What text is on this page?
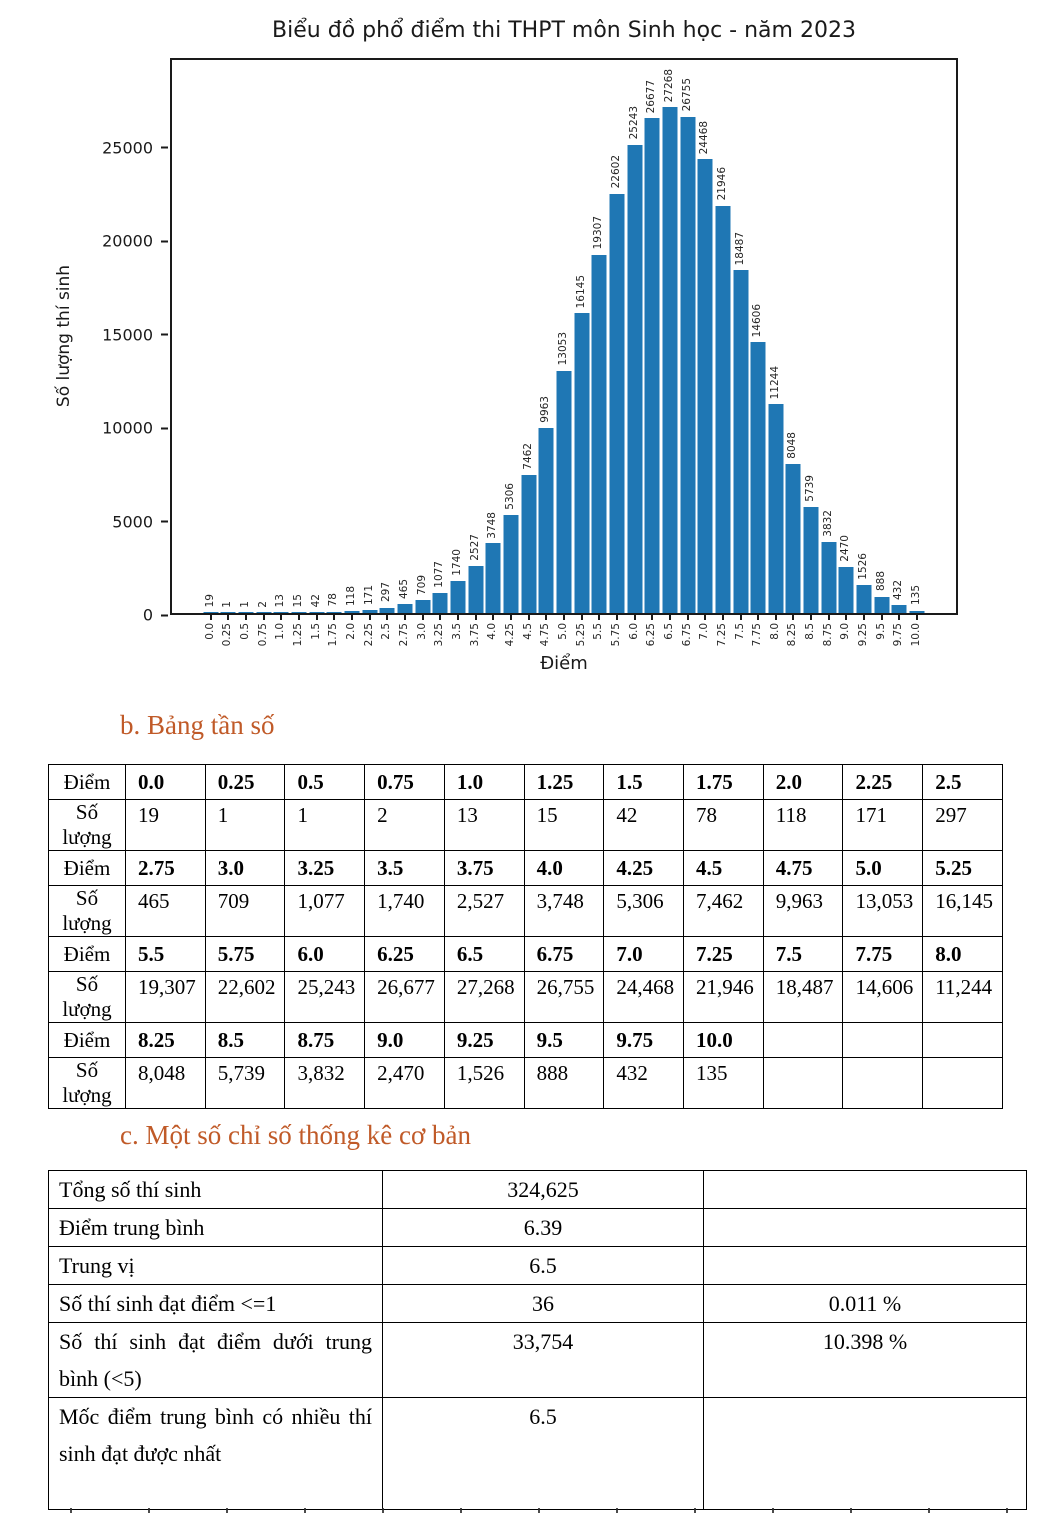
Biểu đồ phổ điểm thi THPT môn Sinh học - năm 2023
Số lượng thí sinh
0
5000
10000
15000
20000
25000
19
0.0
1
0.25
1
0.5
2
0.75
13
1.0
15
1.25
42
1.5
78
1.75
118
2.0
171
2.25
297
2.5
465
2.75
709
3.0
1077
3.25
1740
3.5
2527
3.75
3748
4.0
5306
4.25
7462
4.5
9963
4.75
13053
5.0
16145
5.25
19307
5.5
22602
5.75
25243
6.0
26677
6.25
27268
6.5
26755
6.75
24468
7.0
21946
7.25
18487
7.5
14606
7.75
11244
8.0
8048
8.25
5739
8.5
3832
8.75
2470
9.0
1526
9.25
888
9.5
432
9.75
135
10.0
Điểm
b. Bảng tần số
Điểm	0.0	0.25	0.5	0.75	1.0	1.25	1.5	1.75	2.0	2.25	2.5
Số lượng	19	1	1	2	13	15	42	78	118	171	297
Điểm	2.75	3.0	3.25	3.5	3.75	4.0	4.25	4.5	4.75	5.0	5.25
Số lượng	465	709	1,077	1,740	2,527	3,748	5,306	7,462	9,963	13,053	16,145
Điểm	5.5	5.75	6.0	6.25	6.5	6.75	7.0	7.25	7.5	7.75	8.0
Số lượng	19,307	22,602	25,243	26,677	27,268	26,755	24,468	21,946	18,487	14,606	11,244
Điểm	8.25	8.5	8.75	9.0	9.25	9.5	9.75	10.0			
Số lượng	8,048	5,739	3,832	2,470	1,526	888	432	135			
c. Một số chỉ số thống kê cơ bản
Tổng số thí sinh	324,625	
Điểm trung bình	6.39	
Trung vị	6.5	
Số thí sinh đạt điểm <=1	36	0.011 %
Số thí sinh đạt điểm dưới trung bình (<5)	33,754	10.398 %
Mốc điểm trung bình có nhiều thí sinh đạt được nhất	6.5	
